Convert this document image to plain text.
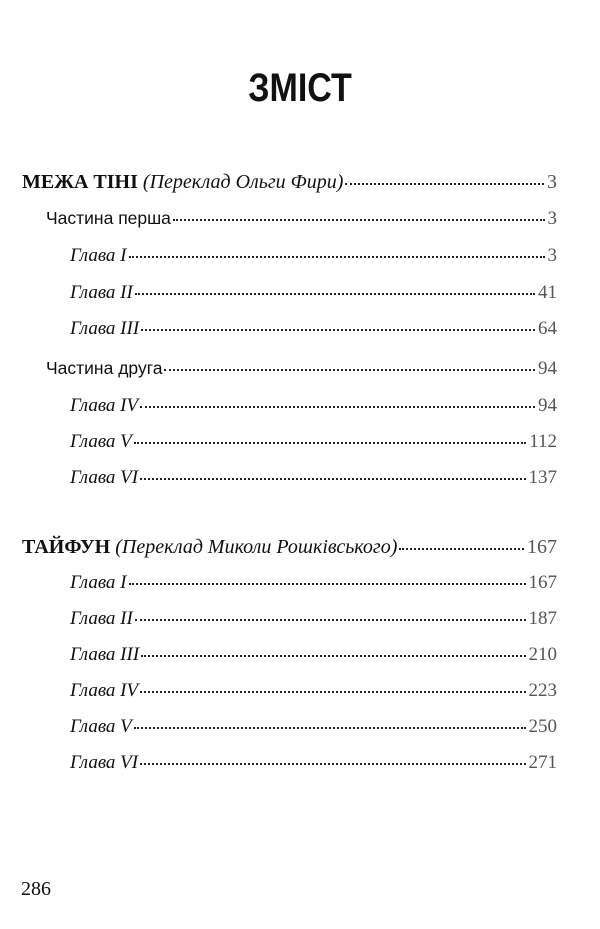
ЗМІСТ
МЕЖА ТІНІ (Переклад Ольги Фири)	3
Частина перша	3
Глава I	3
Глава II	41
Глава III	64
Частина друга	94
Глава IV	94
Глава V	112
Глава VI	137
ТАЙФУН (Переклад Миколи Рошківського)	167
Глава I	167
Глава II	187
Глава III	210
Глава IV	223
Глава V	250
Глава VI	271
286
